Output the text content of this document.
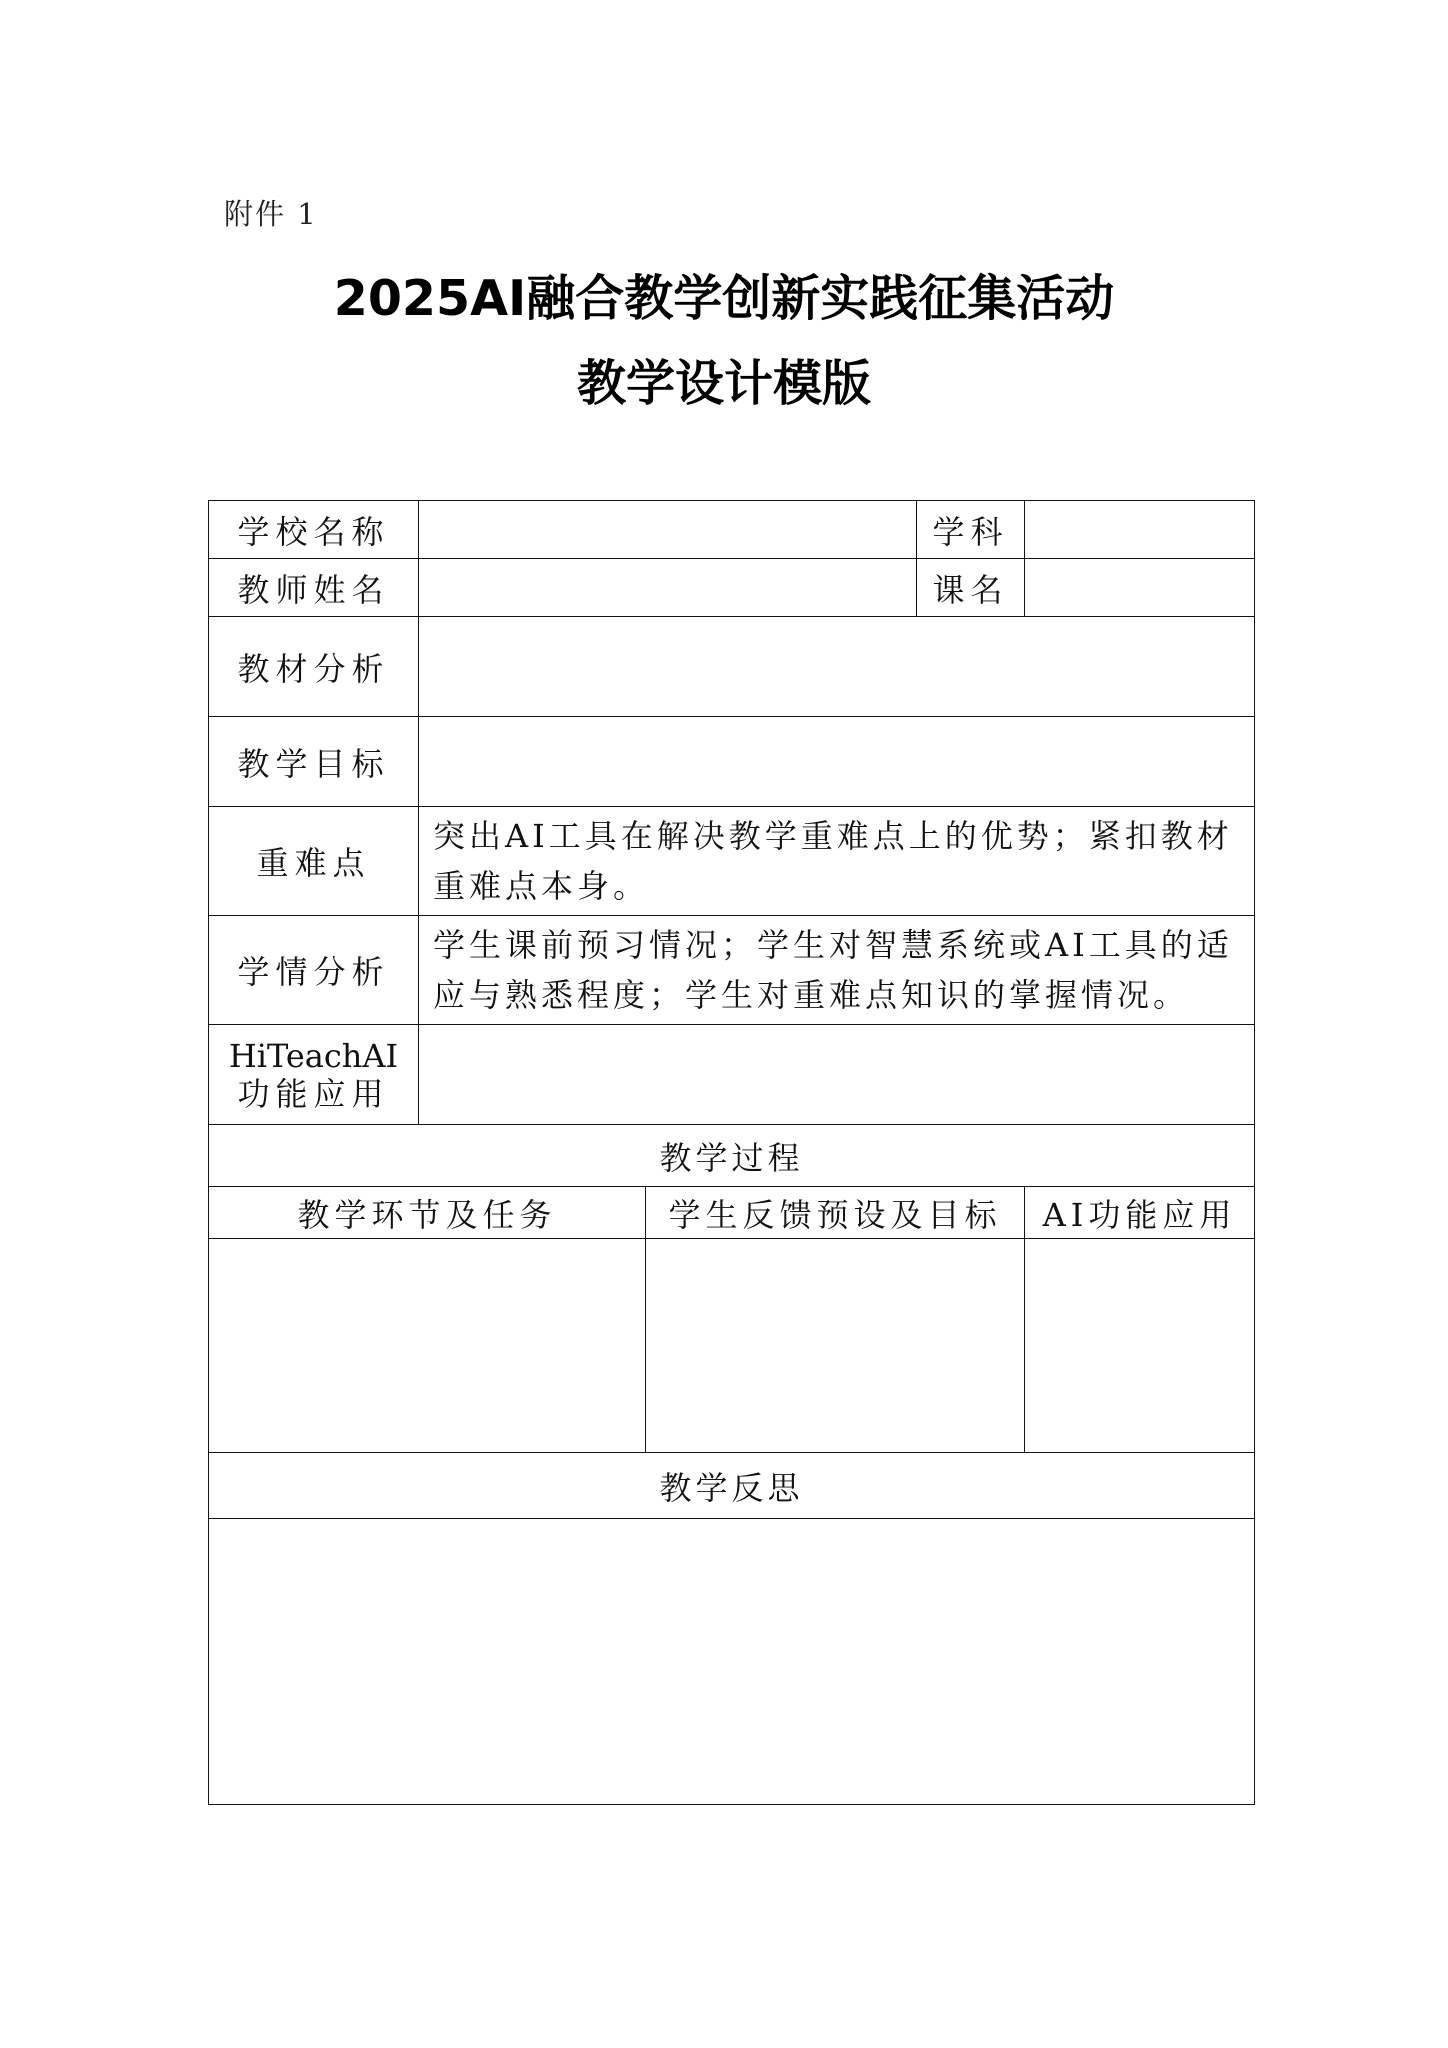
附件 1
2025AI融合教学创新实践征集活动
教学设计模版
学校名称			学科	
教师姓名			课名	
教材分析				
教学目标				
重难点	突出AI工具在解决教学重难点上的优势；紧扣教材重难点本身。			
学情分析	学生课前预习情况；学生对智慧系统或AI工具的适应与熟悉程度；学生对重难点知识的掌握情况。			

HiTeachAI
功能应用				

教学过程				
教学环节及任务		学生反馈预设及目标		AI功能应用

教学反思				
